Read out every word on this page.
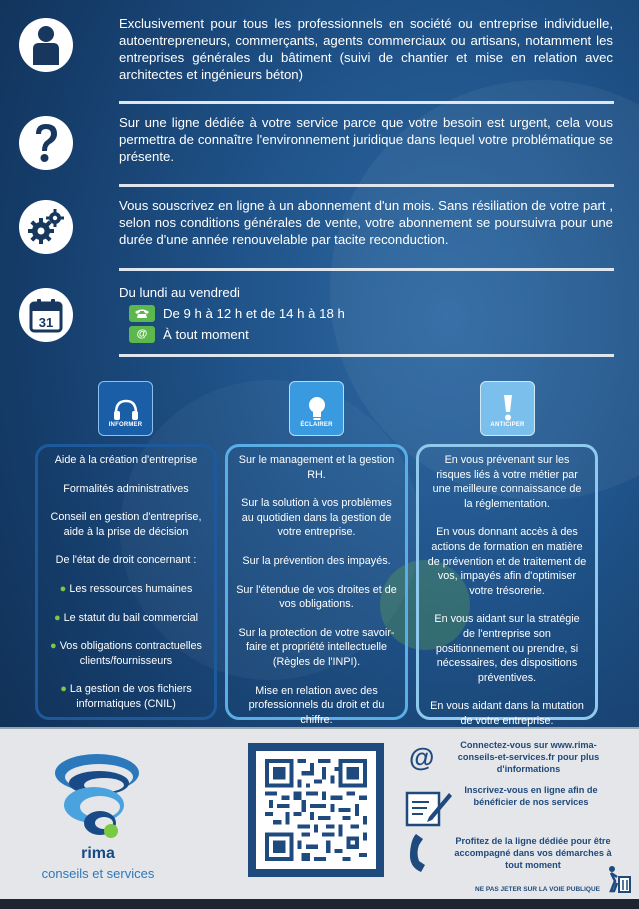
Exclusivement pour tous les professionnels en société ou entreprise individuelle, autoentrepreneurs, commerçants, agents commerciaux ou artisans, notamment les entreprises générales du bâtiment (suivi de chantier et mise en relation avec architectes et ingénieurs béton)
Sur une ligne dédiée à votre service parce que votre besoin est urgent, cela vous permettra de connaître l'environnement juridique dans lequel votre problématique se présente.
Vous souscrivez en ligne à un abonnement d'un mois. Sans résiliation de votre part , selon nos conditions générales de vente, votre abonnement se poursuivra pour une durée d'une année renouvelable par tacite reconduction.
31
Du lundi au vendredi
De 9 h à 12 h et de 14 h à 18 h
@	À tout moment
INFORMER	ÉCLAIRER	ANTICIPER

Aide à la création d'entreprise

Formalités administratives

Conseil en gestion d'entreprise, aide à la prise de décision

De l'état de droit concernant :

● Les ressources humaines

● Le statut du bail commercial

● Vos obligations contractuelles clients/fournisseurs

● La gestion de vos fichiers informatiques (CNIL)

Sur le management et la gestion RH.

Sur la solution à vos problèmes au quotidien dans la gestion de votre entreprise.

Sur la prévention des impayés.

Sur l'étendue de vos droites et de vos obligations.

Sur la protection de votre savoir-faire et propriété intellectuelle (Règles de l'INPI).

Mise en relation avec des professionnels du droit et du chiffre.

En vous prévenant sur les risques liés à votre métier par une meilleure connaissance de la réglementation.

En vous donnant accès à des actions de formation en matière de prévention et de traitement de vos, impayés afin d'optimiser votre trésorerie.

En vous aidant sur la stratégie de l'entreprise son positionnement ou prendre, si nécessaires, des dispositions préventives.

En vous aidant dans la mutation de votre entreprise.

rima
conseils et services
@	Connectez-vous sur www.rima-conseils-et-services.fr pour plus d'informations
Inscrivez-vous en ligne afin de bénéficier de nos services
Profitez de la ligne dédiée pour être accompagné dans vos démarches à tout moment
NE PAS JETER SUR LA VOIE PUBLIQUE
